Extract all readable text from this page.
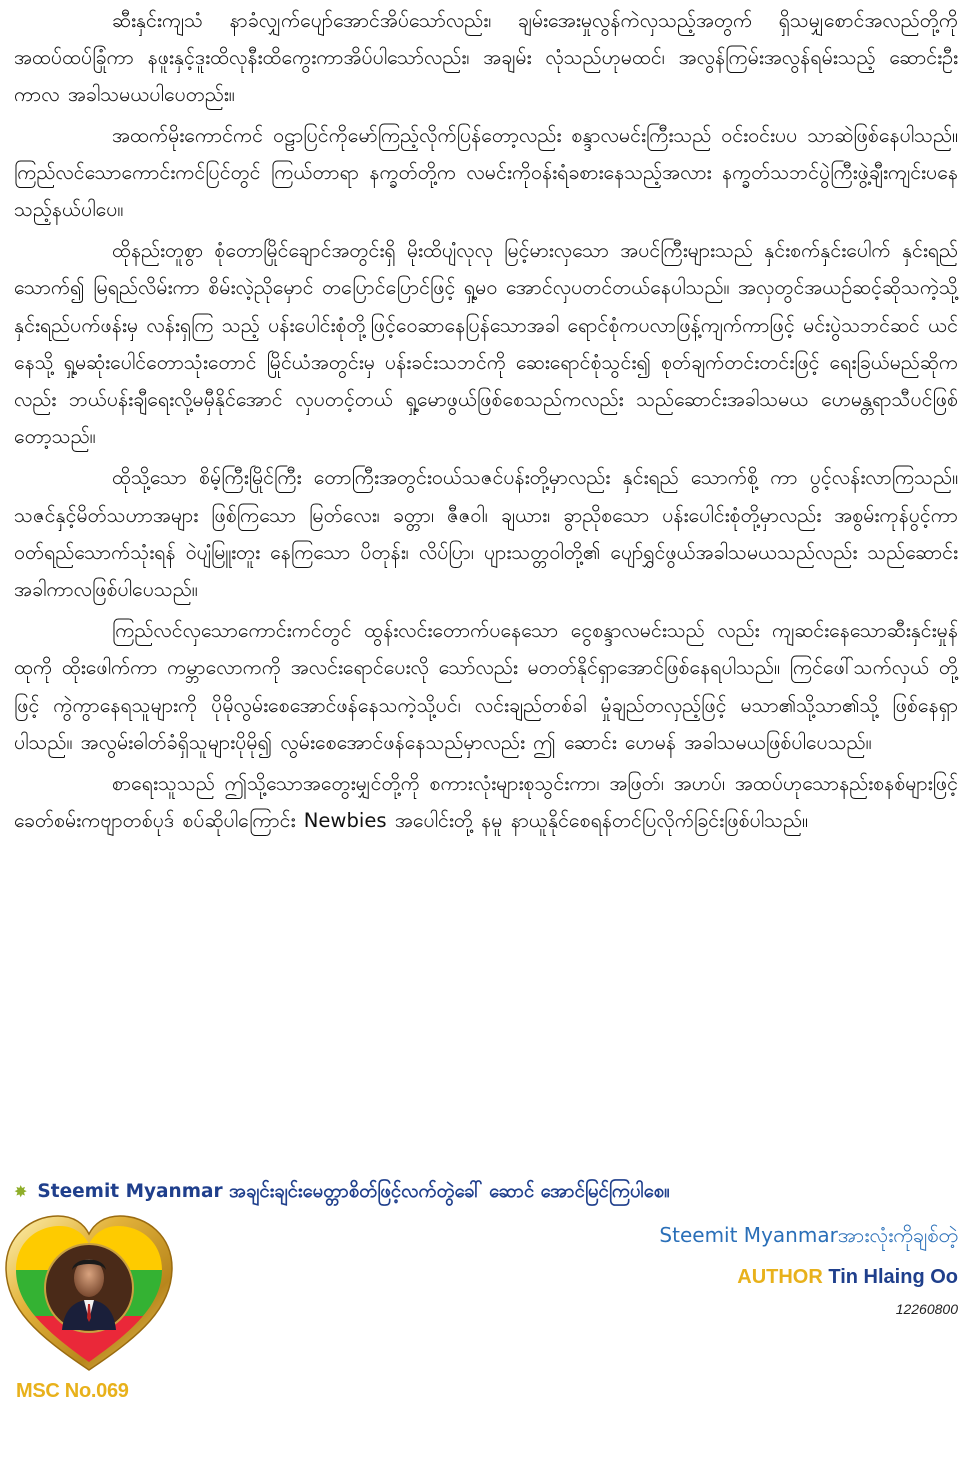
ဆီးနှင်းကျသံ နာခံလျှက်ပျော်အောင်အိပ်သော်လည်း၊ ချမ်းအေးမှုလွန်ကဲလှသည့်အတွက် ရှိသမျှစောင်အလည်တို့ကို အထပ်ထပ်ခြုံကာ နဖူးနှင့်ဒူးထိလုနီးထိကွေးကာအိပ်ပါသော်လည်း၊ အချမ်း လုံသည်ဟုမထင်၊ အလွန်ကြမ်းအလွန်ရမ်းသည့် ဆောင်းဦးကာလ အခါသမယပါပေတည်း။

အထက်မိုးကောင်ကင် ဝဠာပြင်ကိုမော်ကြည့်လိုက်ပြန်တော့လည်း စန္ဒာလမင်းကြီးသည် ဝင်းဝင်းပပ သာဆဲဖြစ်နေပါသည်။ ကြည်လင်သောကောင်းကင်ပြင်တွင် ကြယ်တာရာ နက္ခတ်တို့က လမင်းကိုဝန်းရံခစားနေသည့်အလား နက္ခတ်သဘင်ပွဲကြီးဖွဲ့ချီးကျင်းပနေသည့်နယ်ပါပေ။

ထိုနည်းတူစွာ စုံတောမြိုင်ချောင်အတွင်းရှိ မိုးထိပျံလုလု မြင့်မားလှသော အပင်ကြီးများသည် နှင်းစက်နှင်းပေါက် နှင်းရည်သောက်၍ မြရည်လိမ်းကာ စိမ်းလဲ့ညိုမှောင် တပြောင်ပြောင်ဖြင့် ရှု့မဝ အောင်လှပတင်တယ်နေပါသည်။ အလှတွင်အယဉ်ဆင့်ဆိုသကဲ့သို့ နှင်းရည်ပက်ဖန်းမှ လန်းရှကြ သည့် ပန်းပေါင်းစုံတို့ဖြင့်ဝေဆာနေပြန်သောအခါ ရောင်စုံကပလာဖြန့်ကျက်ကာဖြင့် မင်းပွဲသဘင်ဆင် ယင်နေသို့ ရှု့မဆုံးပေါင်တောသုံးတောင် မြိုင်ယံအတွင်းမှ ပန်းခင်းသဘင်ကို ဆေးရောင်စုံသွင်း၍ စုတ်ချက်တင်းတင်းဖြင့် ရေးခြယ်မည်ဆိုကလည်း ဘယ်ပန်းချီရေးလို့မမှီနိုင်အောင် လှပတင့်တယ် ရှု့မောဖွယ်ဖြစ်စေသည်ကလည်း သည်ဆောင်းအခါသမယ ဟေမန္တရာသီပင်ဖြစ်တော့သည်။

ထိုသို့သော စိမ့်ကြီးမြိုင်ကြီး တောကြီးအတွင်းဝယ်သဇင်ပန်းတို့မှာလည်း နှင်းရည် သောက်စို့ ကာ ပွင့်လန်းလာကြသည်။ သဇင်နှင့်မိတ်သဟာအများ ဖြစ်ကြသော မြတ်လေး၊ ခတ္တာ၊ ဇီဇဝါ၊ ချယား၊ ခွာညိုစသော ပန်းပေါင်းစုံတို့မှာလည်း အစွမ်းကုန်ပွင့်ကာ ဝတ်ရည်သောက်သုံးရန် ဝဲပျံမြူးတူး နေကြသော ပိတုန်း၊ လိပ်ပြာ၊ ပျားသတ္တဝါတို့၏ ပျော်ရွှင်ဖွယ်အခါသမယသည်လည်း သည်ဆောင်း အခါကာလဖြစ်ပါပေသည်။

ကြည်လင်လှသောကောင်းကင်တွင် ထွန်းလင်းတောက်ပနေသော ငွေစန္ဒာလမင်းသည် လည်း ကျဆင်းနေသောဆီးနှင်းမှုန်ထုကို ထိုးဖေါက်ကာ ကမ္ဘာလောကကို အလင်းရောင်ပေးလို သော်လည်း မတတ်နိုင်ရှာအောင်ဖြစ်နေရပါသည်။ ကြင်ဖေါ်သက်လှယ် တို့ဖြင့် ကွဲကွာနေရသူများကို ပိုမိုလွမ်းစေအောင်ဖန်နေသကဲ့သို့ပင်၊ လင်းချည်တစ်ခါ မှုံချည်တလှည့်ဖြင့် မသာ၏သို့သာ၏သို့ ဖြစ်နေရှာပါသည်။ အလွမ်းဓါတ်ခံရှိသူများပိုမို၍ လွမ်းစေအောင်ဖန်နေသည်မှာလည်း ဤ ဆောင်း ဟေမန် အခါသမယဖြစ်ပါပေသည်။

စာရေးသူသည် ဤသို့သောအတွေးမျှင်တို့ကို စကားလုံးများစုသွင်းကာ၊ အဖြတ်၊ အဟပ်၊ အထပ်ဟုသောနည်းစနစ်များဖြင့် ခေတ်စမ်းကဗျာတစ်ပုဒ် စပ်ဆိုပါကြောင်း Newbies အပေါင်းတို့ နမူ နာယူနိုင်စေရန်တင်ပြလိုက်ခြင်းဖြစ်ပါသည်။

✸ Steemit Myanmar အချင်းချင်းမေတ္တာစိတ်ဖြင့်လက်တွဲခေါ် ဆောင် အောင်မြင်ကြပါစေ။
MSC No.069
Steemit Myanmarအားလုံးကိုချစ်တဲ့
AUTHOR Tin Hlaing Oo
12260800
